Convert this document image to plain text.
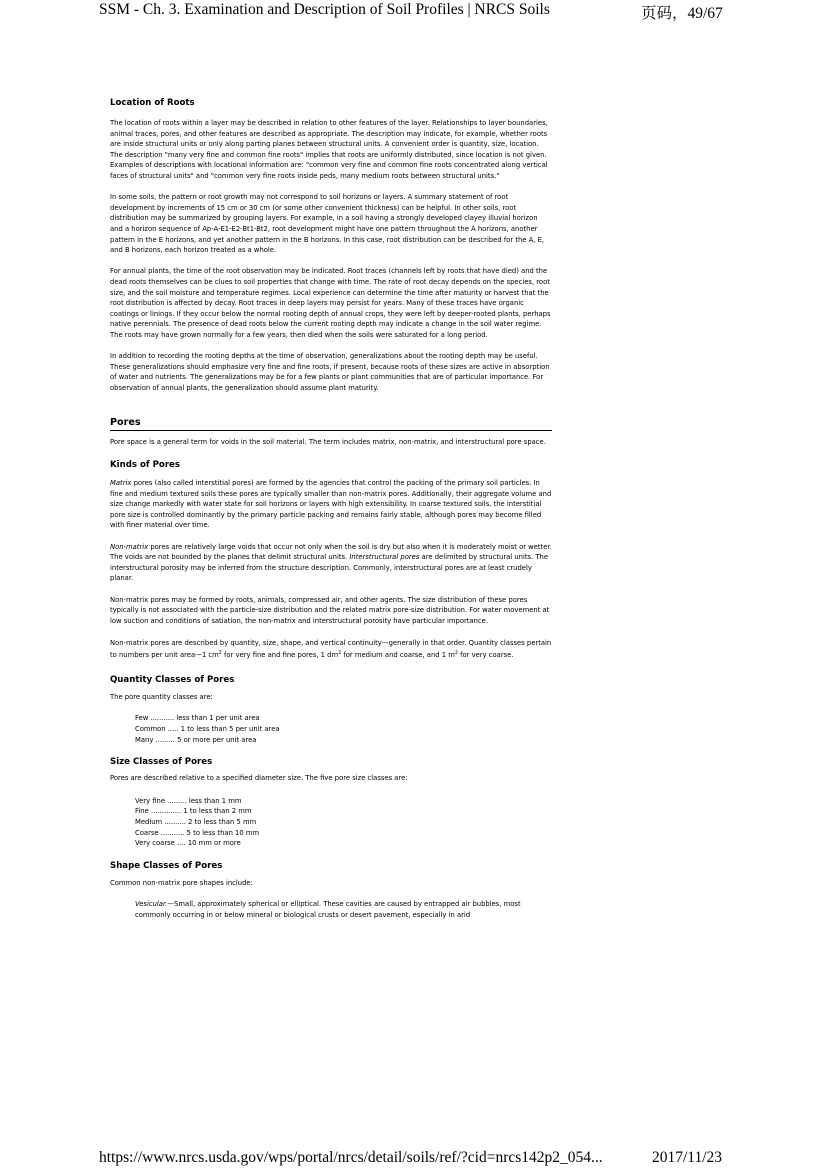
SSM - Ch. 3. Examination and Description of Soil Profiles | NRCS Soils	页码，49/67

Location of Roots

The location of roots within a layer may be described in relation to other features of the layer. Relationships to layer boundaries, animal traces, pores, and other features are described as appropriate. The description may indicate, for example, whether roots are inside structural units or only along parting planes between structural units. A convenient order is quantity, size, location. The description "many very fine and common fine roots" implies that roots are uniformly distributed, since location is not given. Examples of descriptions with locational information are: "common very fine and common fine roots concentrated along vertical faces of structural units" and "common very fine roots inside peds, many medium roots between structural units."

In some soils, the pattern or root growth may not correspond to soil horizons or layers. A summary statement of root development by increments of 15 cm or 30 cm (or some other convenient thickness) can be helpful. In other soils, root distribution may be summarized by grouping layers. For example, in a soil having a strongly developed clayey illuvial horizon and a horizon sequence of Ap-A-E1-E2-Bt1-Bt2, root development might have one pattern throughout the A horizons, another pattern in the E horizons, and yet another pattern in the B horizons. In this case, root distribution can be described for the A, E, and B horizons, each horizon treated as a whole.

For annual plants, the time of the root observation may be indicated. Root traces (channels left by roots that have died) and the dead roots themselves can be clues to soil properties that change with time. The rate of root decay depends on the species, root size, and the soil moisture and temperature regimes. Local experience can determine the time after maturity or harvest that the root distribution is affected by decay. Root traces in deep layers may persist for years. Many of these traces have organic coatings or linings. If they occur below the normal rooting depth of annual crops, they were left by deeper-rooted plants, perhaps native perennials. The presence of dead roots below the current rooting depth may indicate a change in the soil water regime. The roots may have grown normally for a few years, then died when the soils were saturated for a long period.

In addition to recording the rooting depths at the time of observation, generalizations about the rooting depth may be useful. These generalizations should emphasize very fine and fine roots, if present, because roots of these sizes are active in absorption of water and nutrients. The generalizations may be for a few plants or plant communities that are of particular importance. For observation of annual plants, the generalization should assume plant maturity.

Pores

Pore space is a general term for voids in the soil material. The term includes matrix, non-matrix, and interstructural pore space.

Kinds of Pores

Matrix pores (also called interstitial pores) are formed by the agencies that control the packing of the primary soil particles. In fine and medium textured soils these pores are typically smaller than non-matrix pores. Additionally, their aggregate volume and size change markedly with water state for soil horizons or layers with high extensibility. In coarse textured soils, the interstitial pore size is controlled dominantly by the primary particle packing and remains fairly stable, although pores may become filled with finer material over time.

Non-matrix pores are relatively large voids that occur not only when the soil is dry but also when it is moderately moist or wetter. The voids are not bounded by the planes that delimit structural units. Interstructural pores are delimited by structural units. The interstructural porosity may be inferred from the structure description. Commonly, interstructural pores are at least crudely planar.

Non-matrix pores may be formed by roots, animals, compressed air, and other agents. The size distribution of these pores typically is not associated with the particle-size distribution and the related matrix pore-size distribution. For water movement at low suction and conditions of satiation, the non-matrix and interstructural porosity have particular importance.

Non-matrix pores are described by quantity, size, shape, and vertical continuity—generally in that order. Quantity classes pertain to numbers per unit area—1 $cm^2$ for very fine and fine pores, 1 $dm^2$ for medium and coarse, and 1 $m^2$ for very coarse.

Quantity Classes of Pores

The pore quantity classes are:

Few ........... less than 1 per unit area
Common ..... 1 to less than 5 per unit area
Many ......... 5 or more per unit area

Size Classes of Pores

Pores are described relative to a specified diameter size. The five pore size classes are:

Very fine ......... less than 1 mm
Fine .............. 1 to less than 2 mm
Medium .......... 2 to less than 5 mm
Coarse ........... 5 to less than 10 mm
Very coarse .... 10 mm or more

Shape Classes of Pores

Common non-matrix pore shapes include:

Vesicular.—Small, approximately spherical or elliptical. These cavities are caused by entrapped air bubbles, most commonly occurring in or below mineral or biological crusts or desert pavement, especially in arid

https://www.nrcs.usda.gov/wps/portal/nrcs/detail/soils/ref/?cid=nrcs142p2_054...	2017/11/23
